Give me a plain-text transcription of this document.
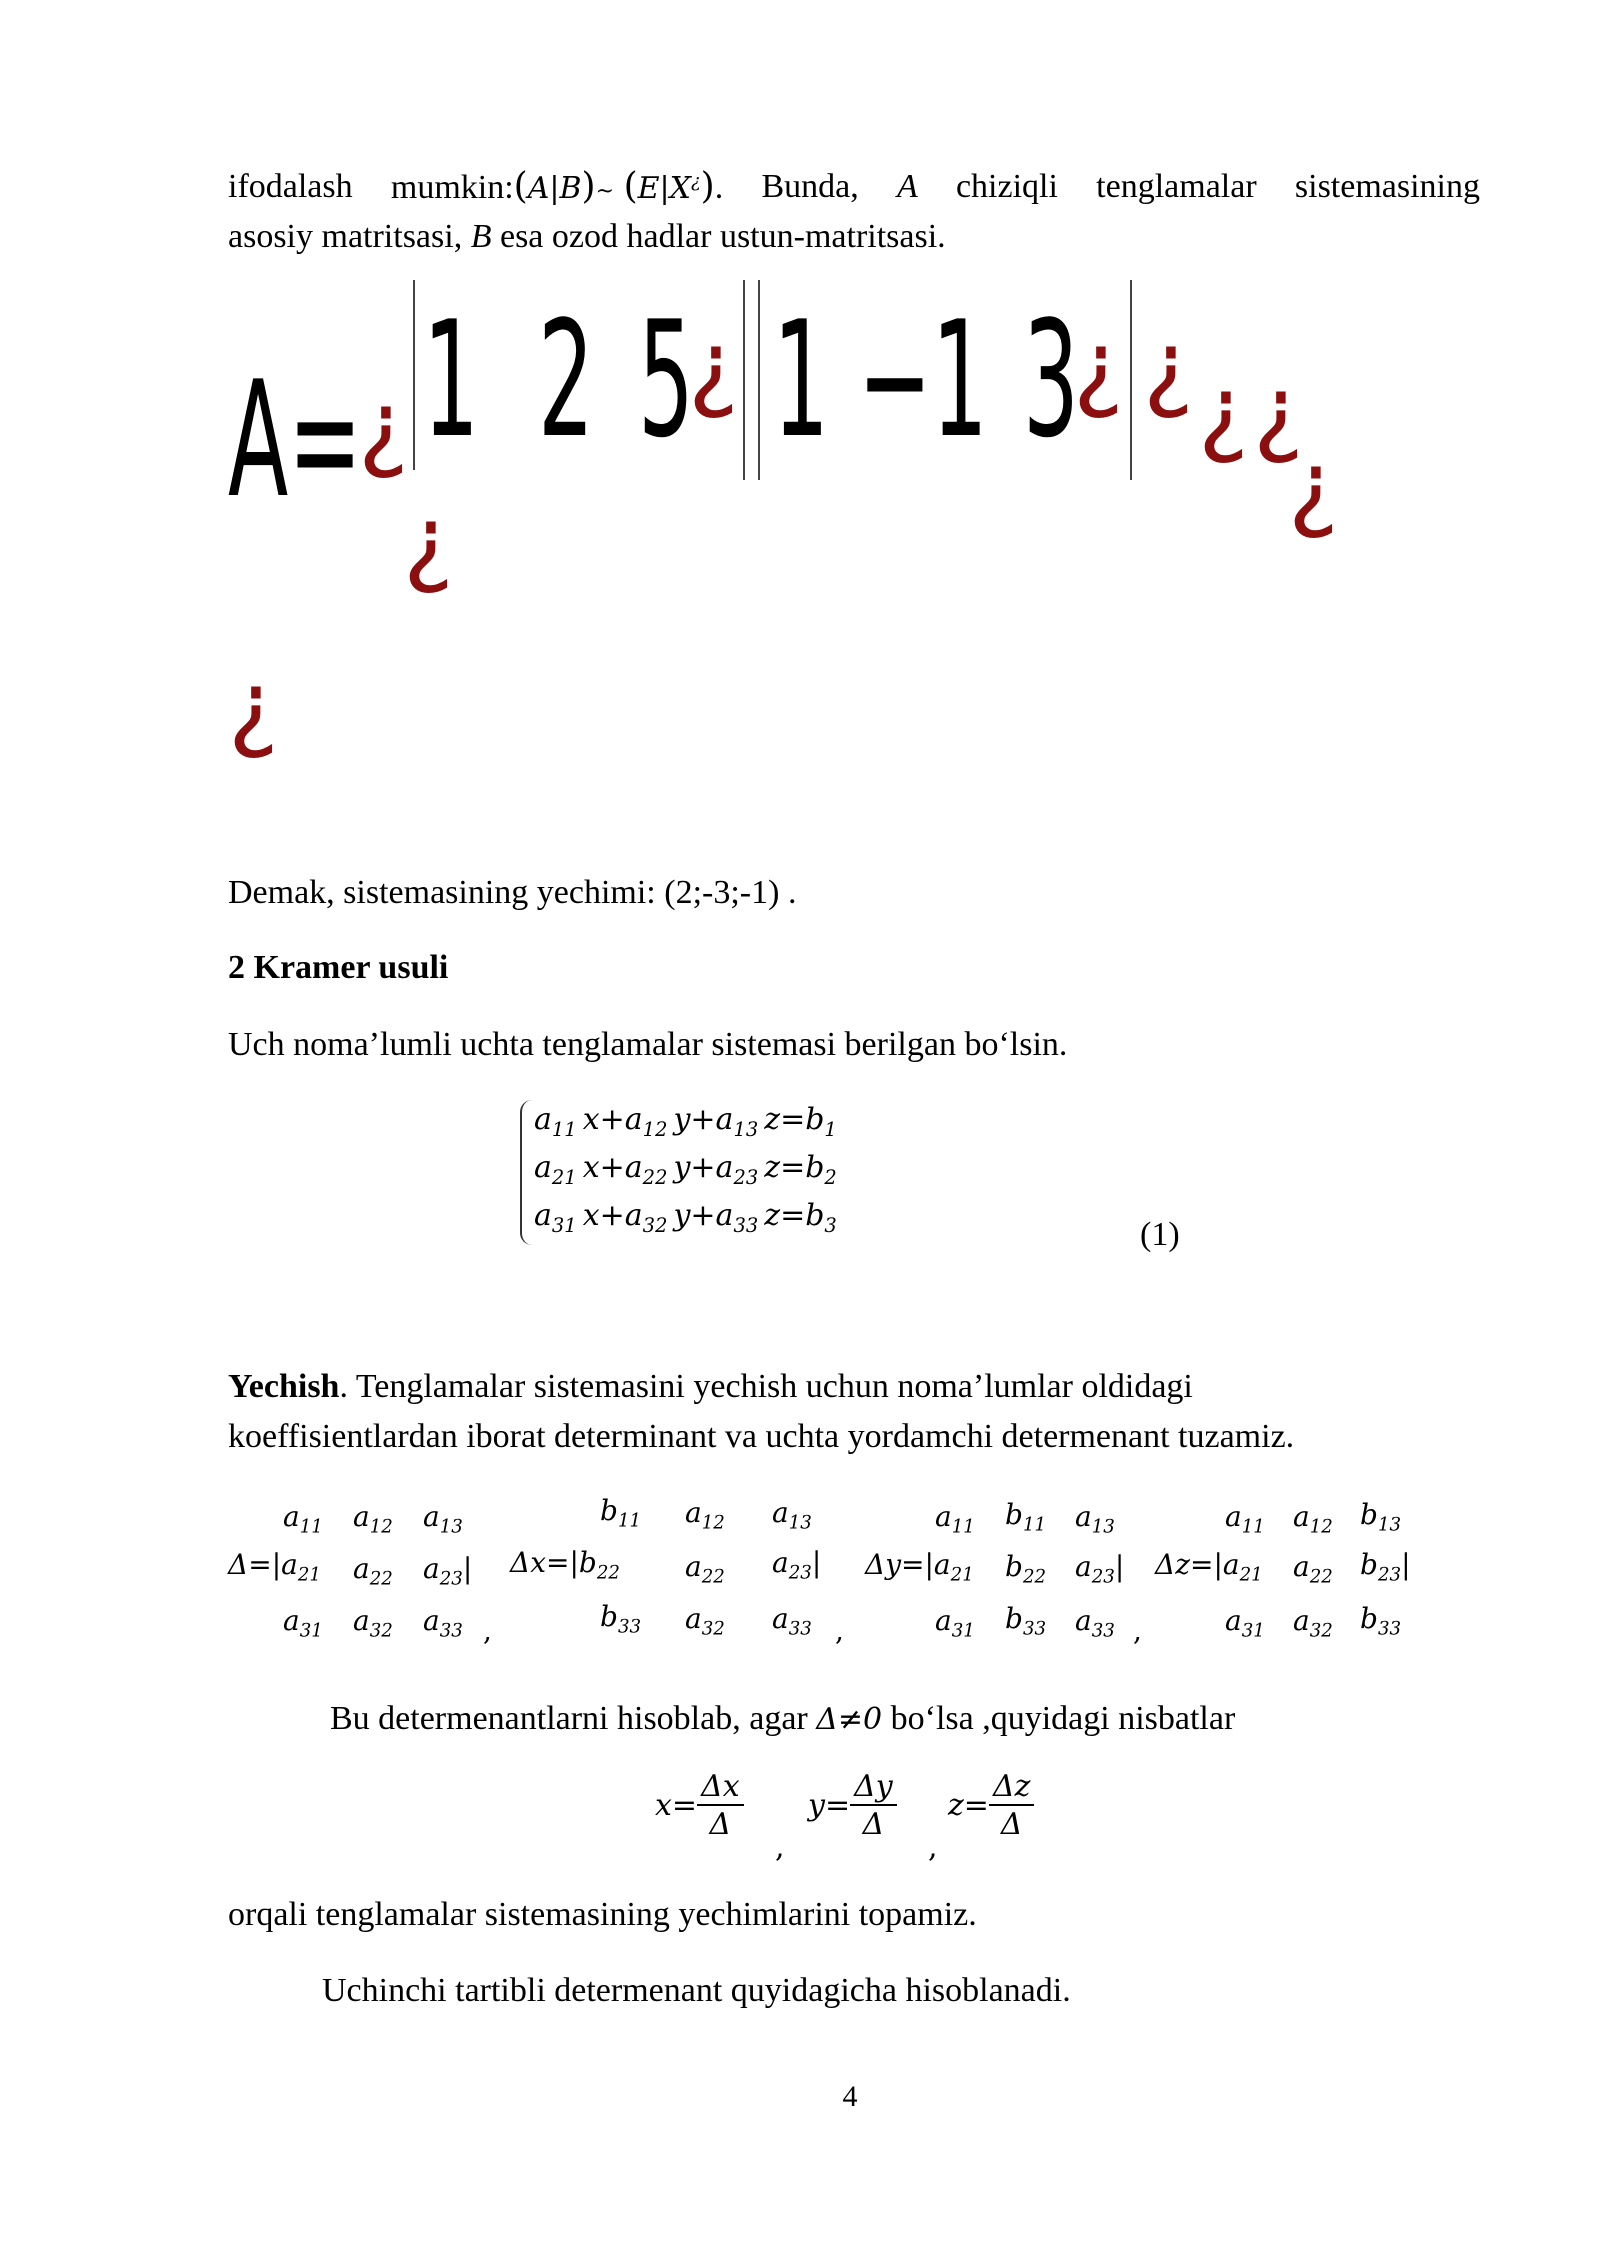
ifodalash mumkin:(A|B)~ (E|X¿). Bunda, A chiziqli tenglamalar sistemasining
asosiy matritsasi, B esa ozod hadlar ustun-matritsasi.
A=
¿ 1 2 5
¿ 1 −1 3
¿ ¿ ¿ ¿
¿
¿
¿
Demak, sistemasining yechimi: (2;-3;-1) .
2 Kramer usuli
Uch noma’lumli uchta tenglamalar sistemasi berilgan bo‘lsin.
$a_{11}$ $x+a_{12}$ $y+a_{13}$ $z=b_1$
$a_{21}$ $x+a_{22}$ $y+a_{23}$ $z=b_2$
$a_{31}$ $x+a_{32}$ $y+a_{33}$ $z=b_3$	(1)
Yechish. Tenglamalar sistemasini yechish uchun noma’lumlar oldidagi
koeffisientlardan iborat determinant va uchta yordamchi determenant tuzamiz.
$a_{11}$ $a_{12}$ $a_{13}$
$\Delta=|a_{21}$ $a_{22}$ $a_{23}|$
$a_{31}$ $a_{32}$ $a_{33}$ ,
$b_{11}$ $a_{12}$ $a_{13}$
$\Delta x=|b_{22}$ $a_{22}$ $a_{23}|$
$b_{33}$ $a_{32}$ $a_{33}$ ,
$a_{11}$ $b_{11}$ $a_{13}$
$\Delta y=|a_{21}$ $b_{22}$ $a_{23}|$
$a_{31}$ $b_{33}$ $a_{33}$ ,
$a_{11}$ $a_{12}$ $b_{13}$
$\Delta z=|a_{21}$ $a_{22}$ $b_{23}|$
$a_{31}$ $a_{32}$ $b_{33}$
Bu determenantlarni hisoblab, agar Δ≠0 bo‘lsa ,quyidagi nisbatlar
$x= \frac{\Delta x}{\Delta}$
,
$y= \frac{\Delta y}{\Delta}$
,
$z= \frac{\Delta z}{\Delta}$
orqali tenglamalar sistemasining yechimlarini topamiz.
Uchinchi tartibli determenant quyidagicha hisoblanadi.
4
